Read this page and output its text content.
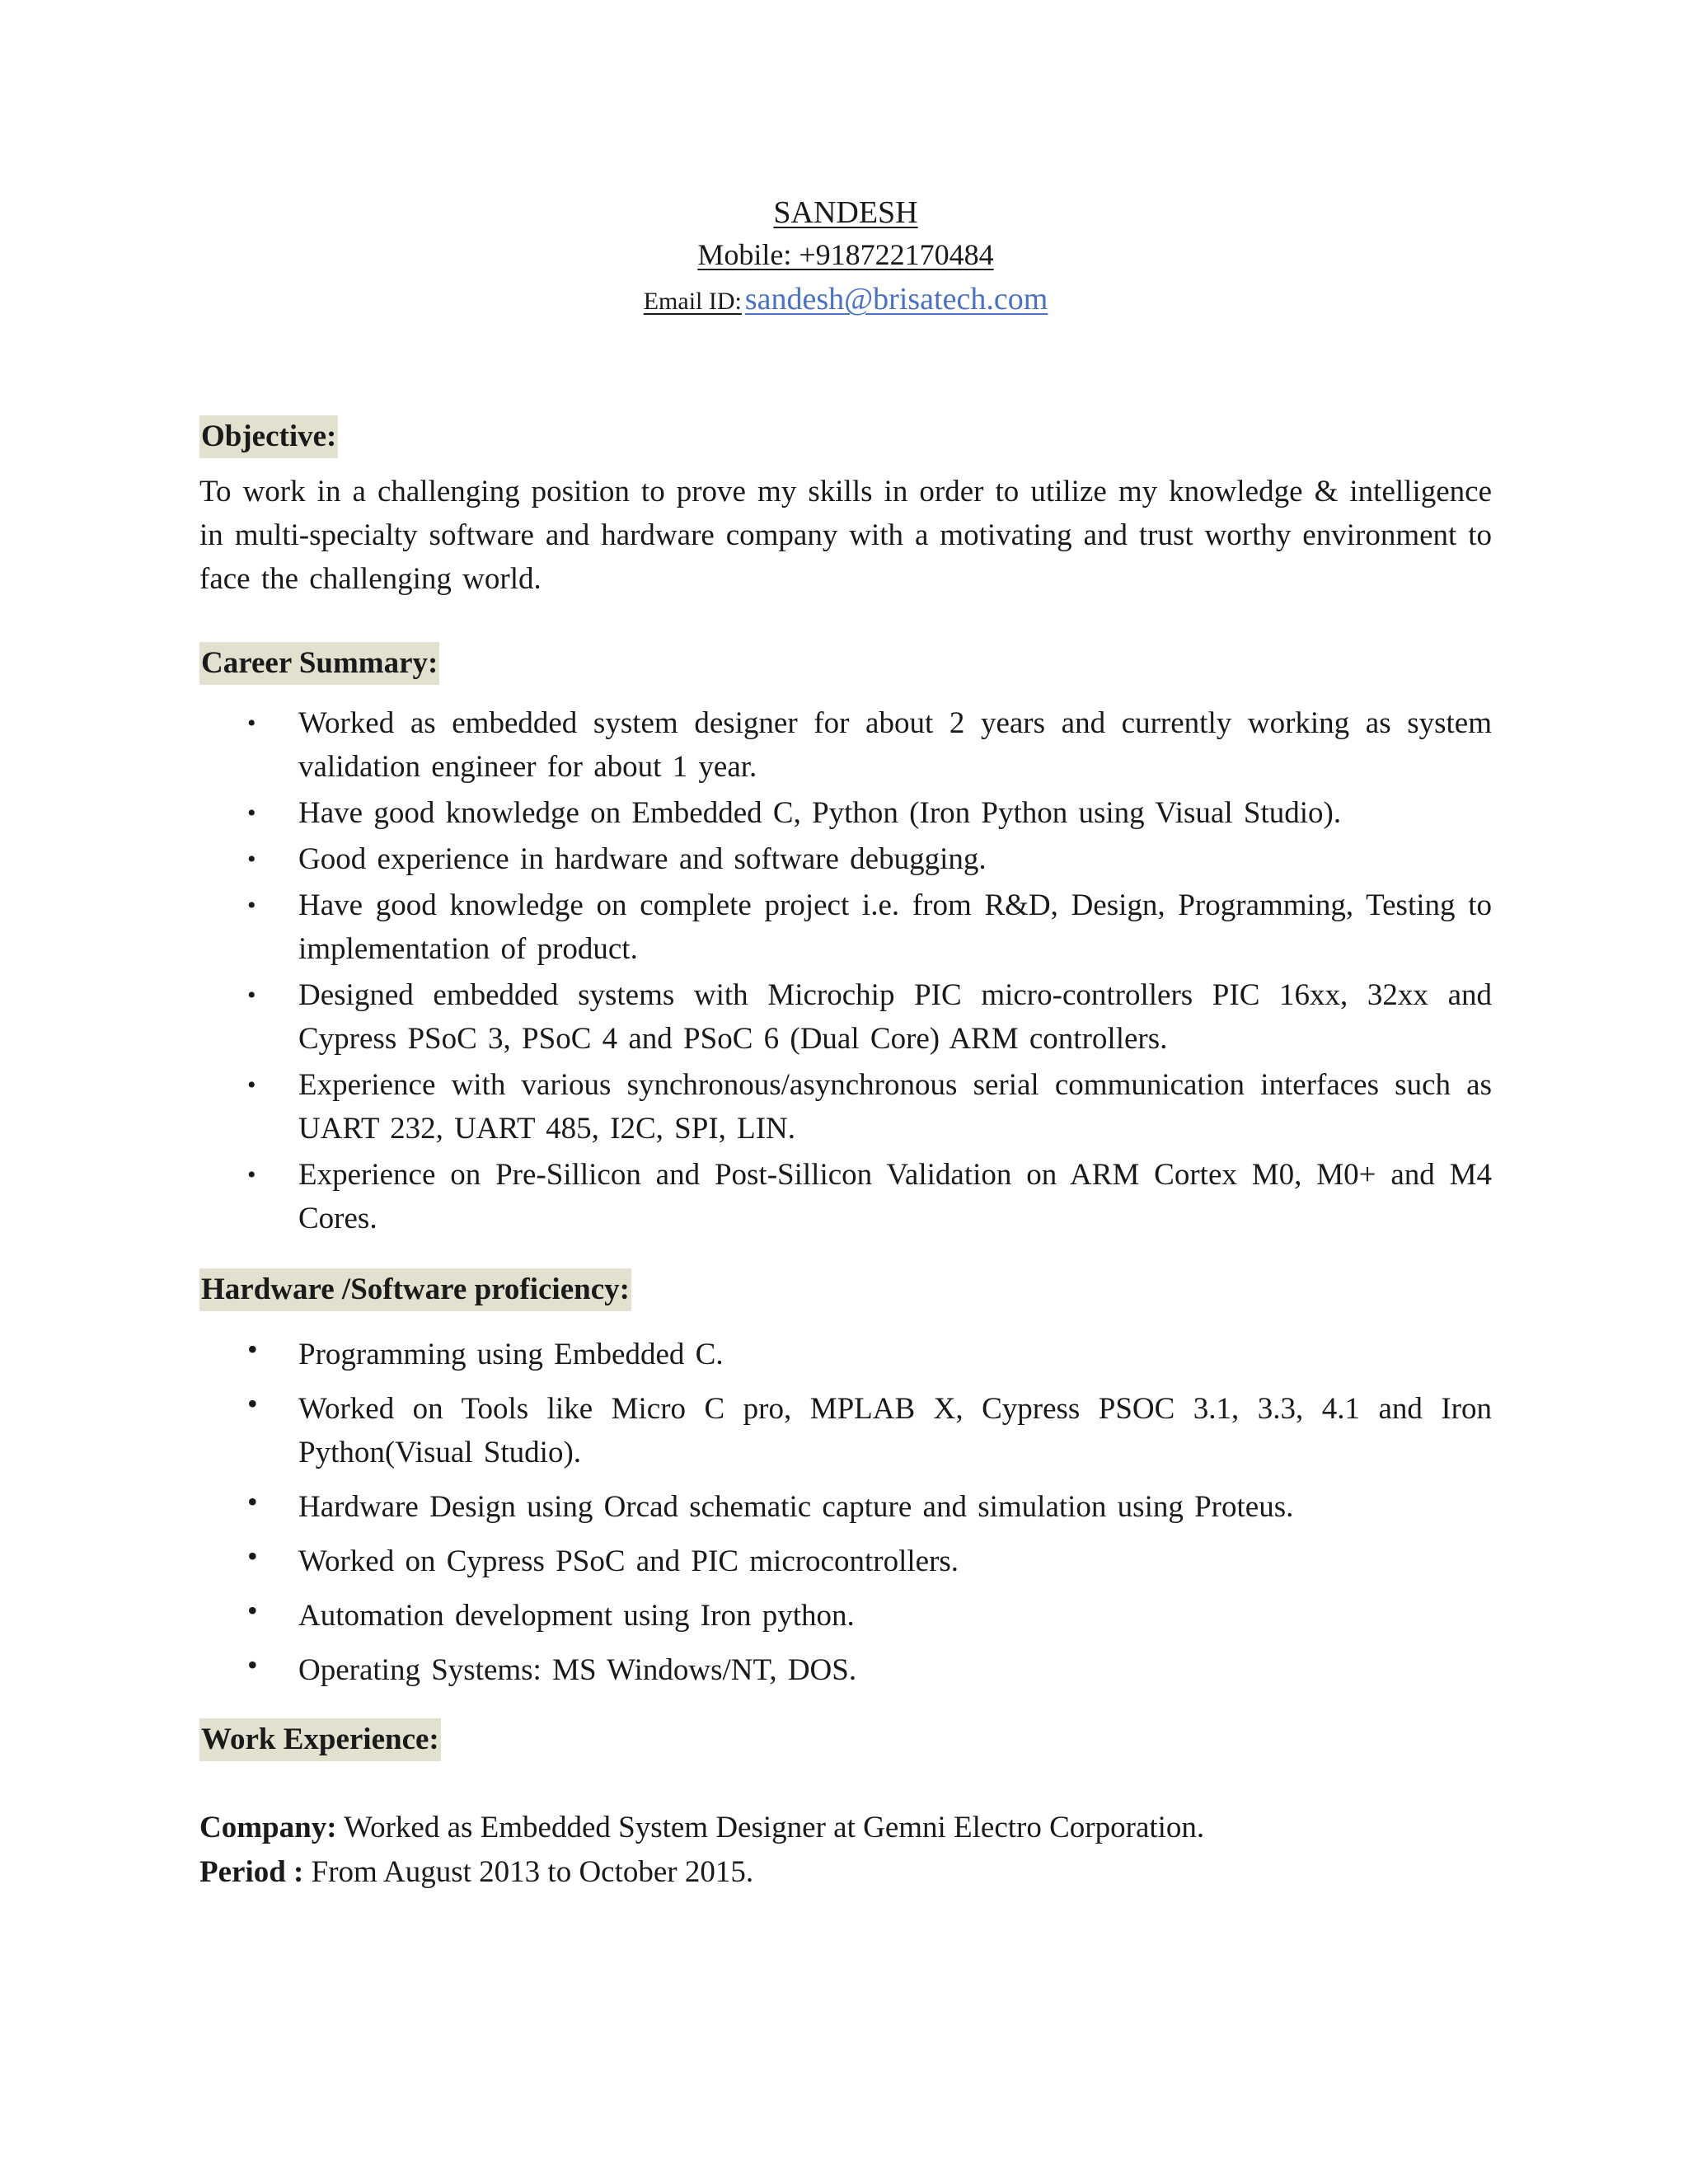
SANDESH
Mobile: +918722170484
Email ID: sandesh@brisatech.com
Objective:

To work in a challenging position to prove my skills in order to utilize my knowledge & intelligence in multi-specialty software and hardware company with a motivating and trust worthy environment to face the challenging world.

Career Summary:
• Worked as embedded system designer for about 2 years and currently working as system validation engineer for about 1 year.
• Have good knowledge on Embedded C, Python (Iron Python using Visual Studio).
• Good experience in hardware and software debugging.
• Have good knowledge on complete project i.e. from R&D, Design, Programming, Testing to implementation of product.
• Designed embedded systems with Microchip PIC micro-controllers PIC 16xx, 32xx and Cypress PSoC 3, PSoC 4 and PSoC 6 (Dual Core) ARM controllers.
• Experience with various synchronous/asynchronous serial communication interfaces such as UART 232, UART 485, I2C, SPI, LIN.
• Experience on Pre-Sillicon and Post-Sillicon Validation on ARM Cortex M0, M0+ and M4 Cores.
Hardware /Software proficiency:
• Programming using Embedded C.
• Worked on Tools like Micro C pro, MPLAB X, Cypress PSOC 3.1, 3.3, 4.1 and Iron Python(Visual Studio).
• Hardware Design using Orcad schematic capture and simulation using Proteus.
• Worked on Cypress PSoC and PIC microcontrollers.
• Automation development using Iron python.
• Operating Systems: MS Windows/NT, DOS.
Work Experience:
Company: Worked as Embedded System Designer at Gemni Electro Corporation.
Period : From August 2013 to October 2015.
